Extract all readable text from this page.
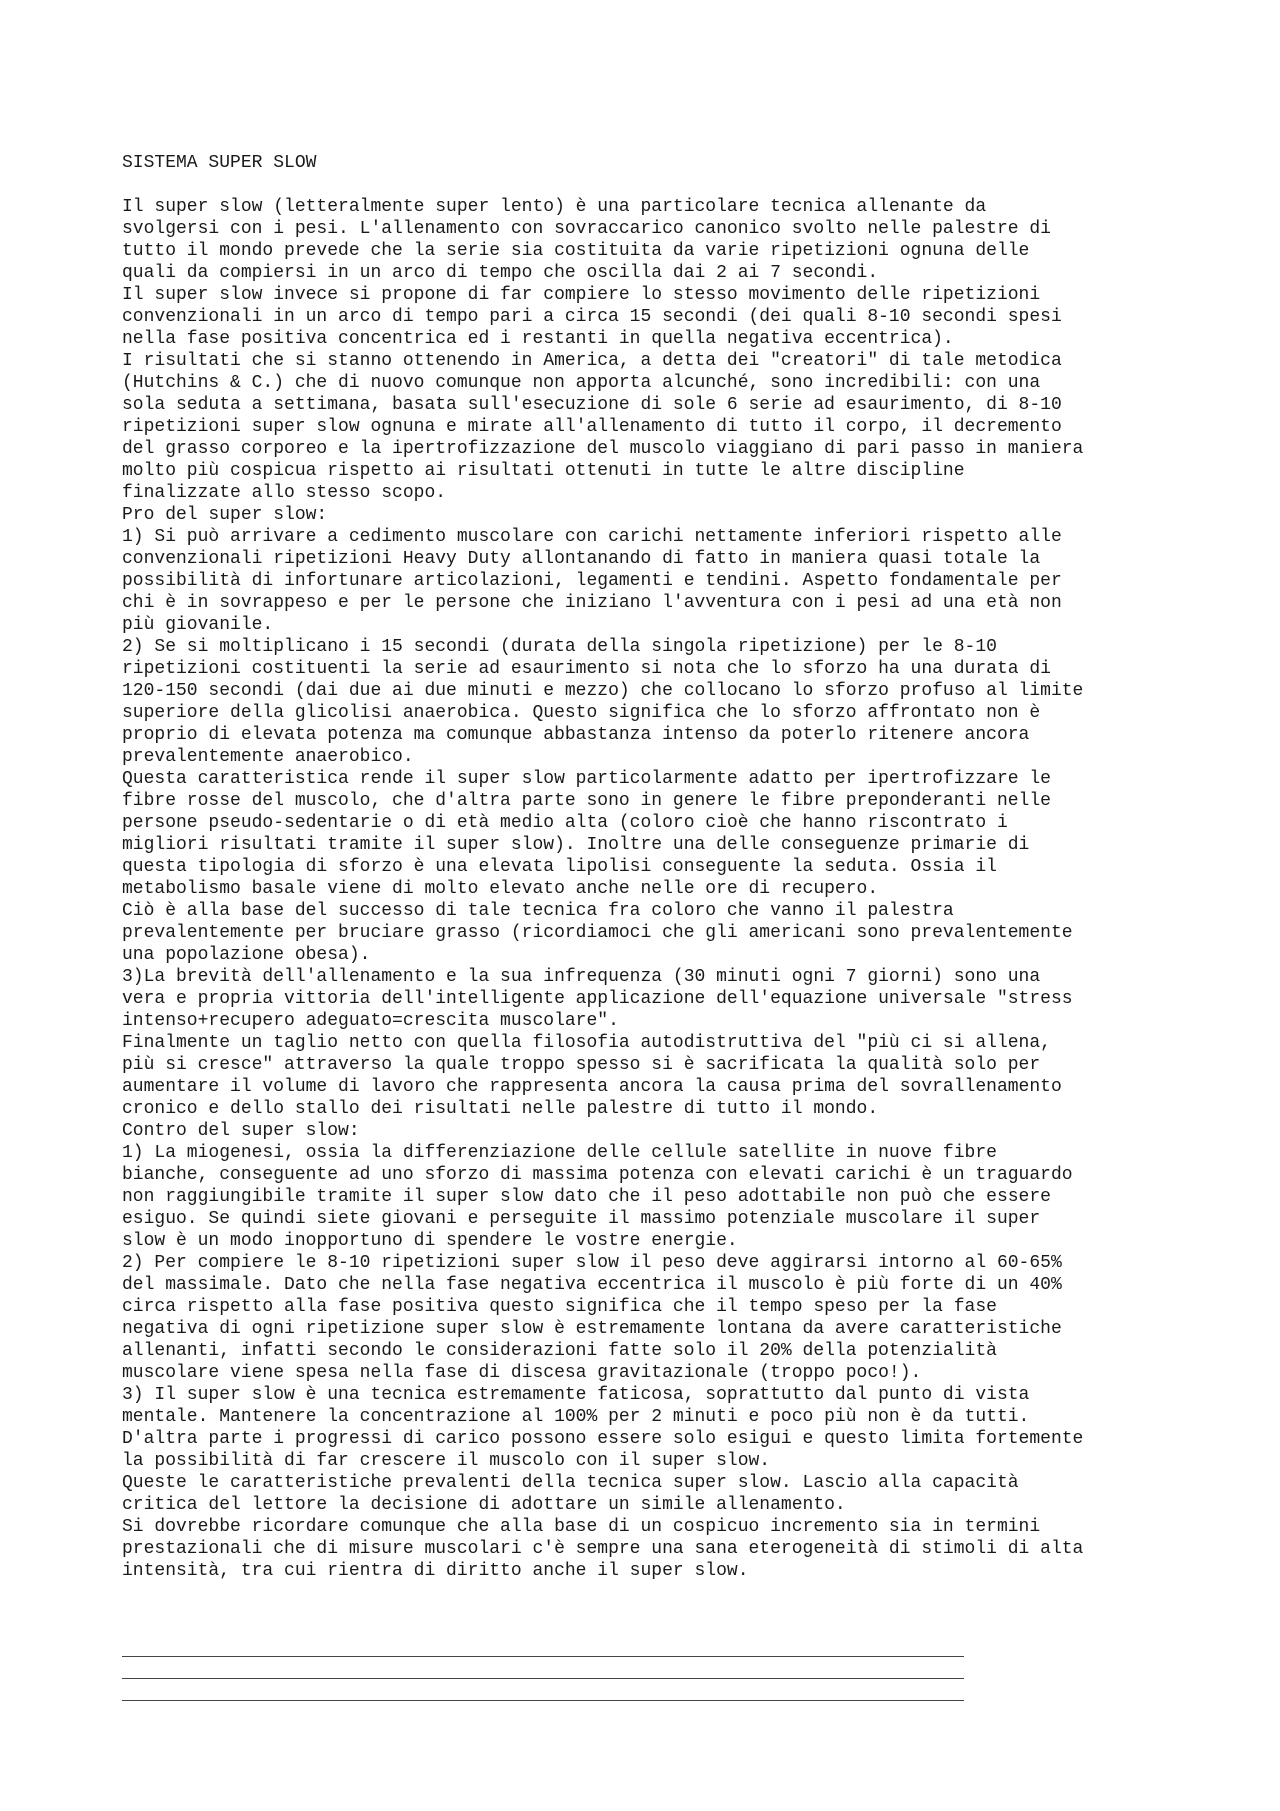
SISTEMA SUPER SLOW
Il super slow (letteralmente super lento) è una particolare tecnica allenante da
svolgersi con i pesi. L'allenamento con sovraccarico canonico svolto nelle palestre di
tutto il mondo prevede che la serie sia costituita da varie ripetizioni ognuna delle
quali da compiersi in un arco di tempo che oscilla dai 2 ai 7 secondi.
Il super slow invece si propone di far compiere lo stesso movimento delle ripetizioni
convenzionali in un arco di tempo pari a circa 15 secondi (dei quali 8-10 secondi spesi
nella fase positiva concentrica ed i restanti in quella negativa eccentrica).
I risultati che si stanno ottenendo in America, a detta dei "creatori" di tale metodica
(Hutchins & C.) che di nuovo comunque non apporta alcunché, sono incredibili: con una
sola seduta a settimana, basata sull'esecuzione di sole 6 serie ad esaurimento, di 8-10
ripetizioni super slow ognuna e mirate all'allenamento di tutto il corpo, il decremento
del grasso corporeo e la ipertrofizzazione del muscolo viaggiano di pari passo in maniera
molto più cospicua rispetto ai risultati ottenuti in tutte le altre discipline
finalizzate allo stesso scopo.
Pro del super slow:
1) Si può arrivare a cedimento muscolare con carichi nettamente inferiori rispetto alle
convenzionali ripetizioni Heavy Duty allontanando di fatto in maniera quasi totale la
possibilità di infortunare articolazioni, legamenti e tendini. Aspetto fondamentale per
chi è in sovrappeso e per le persone che iniziano l'avventura con i pesi ad una età non
più giovanile.
2) Se si moltiplicano i 15 secondi (durata della singola ripetizione) per le 8-10
ripetizioni costituenti la serie ad esaurimento si nota che lo sforzo ha una durata di
120-150 secondi (dai due ai due minuti e mezzo) che collocano lo sforzo profuso al limite
superiore della glicolisi anaerobica. Questo significa che lo sforzo affrontato non è
proprio di elevata potenza ma comunque abbastanza intenso da poterlo ritenere ancora
prevalentemente anaerobico.
Questa caratteristica rende il super slow particolarmente adatto per ipertrofizzare le
fibre rosse del muscolo, che d'altra parte sono in genere le fibre preponderanti nelle
persone pseudo-sedentarie o di età medio alta (coloro cioè che hanno riscontrato i
migliori risultati tramite il super slow). Inoltre una delle conseguenze primarie di
questa tipologia di sforzo è una elevata lipolisi conseguente la seduta. Ossia il
metabolismo basale viene di molto elevato anche nelle ore di recupero.
Ciò è alla base del successo di tale tecnica fra coloro che vanno il palestra
prevalentemente per bruciare grasso (ricordiamoci che gli americani sono prevalentemente
una popolazione obesa).
3)La brevità dell'allenamento e la sua infrequenza (30 minuti ogni 7 giorni) sono una
vera e propria vittoria dell'intelligente applicazione dell'equazione universale "stress
intenso+recupero adeguato=crescita muscolare".
Finalmente un taglio netto con quella filosofia autodistruttiva del "più ci si allena,
più si cresce" attraverso la quale troppo spesso si è sacrificata la qualità solo per
aumentare il volume di lavoro che rappresenta ancora la causa prima del sovrallenamento
cronico e dello stallo dei risultati nelle palestre di tutto il mondo.
Contro del super slow:
1) La miogenesi, ossia la differenziazione delle cellule satellite in nuove fibre
bianche, conseguente ad uno sforzo di massima potenza con elevati carichi è un traguardo
non raggiungibile tramite il super slow dato che il peso adottabile non può che essere
esiguo. Se quindi siete giovani e perseguite il massimo potenziale muscolare il super
slow è un modo inopportuno di spendere le vostre energie.
2) Per compiere le 8-10 ripetizioni super slow il peso deve aggirarsi intorno al 60-65%
del massimale. Dato che nella fase negativa eccentrica il muscolo è più forte di un 40%
circa rispetto alla fase positiva questo significa che il tempo speso per la fase
negativa di ogni ripetizione super slow è estremamente lontana da avere caratteristiche
allenanti, infatti secondo le considerazioni fatte solo il 20% della potenzialità
muscolare viene spesa nella fase di discesa gravitazionale (troppo poco!).
3) Il super slow è una tecnica estremamente faticosa, soprattutto dal punto di vista
mentale. Mantenere la concentrazione al 100% per 2 minuti e poco più non è da tutti.
D'altra parte i progressi di carico possono essere solo esigui e questo limita fortemente
la possibilità di far crescere il muscolo con il super slow.
Queste le caratteristiche prevalenti della tecnica super slow. Lascio alla capacità
critica del lettore la decisione di adottare un simile allenamento.
Si dovrebbe ricordare comunque che alla base di un cospicuo incremento sia in termini
prestazionali che di misure muscolari c'è sempre una sana eterogeneità di stimoli di alta
intensità, tra cui rientra di diritto anche il super slow.
